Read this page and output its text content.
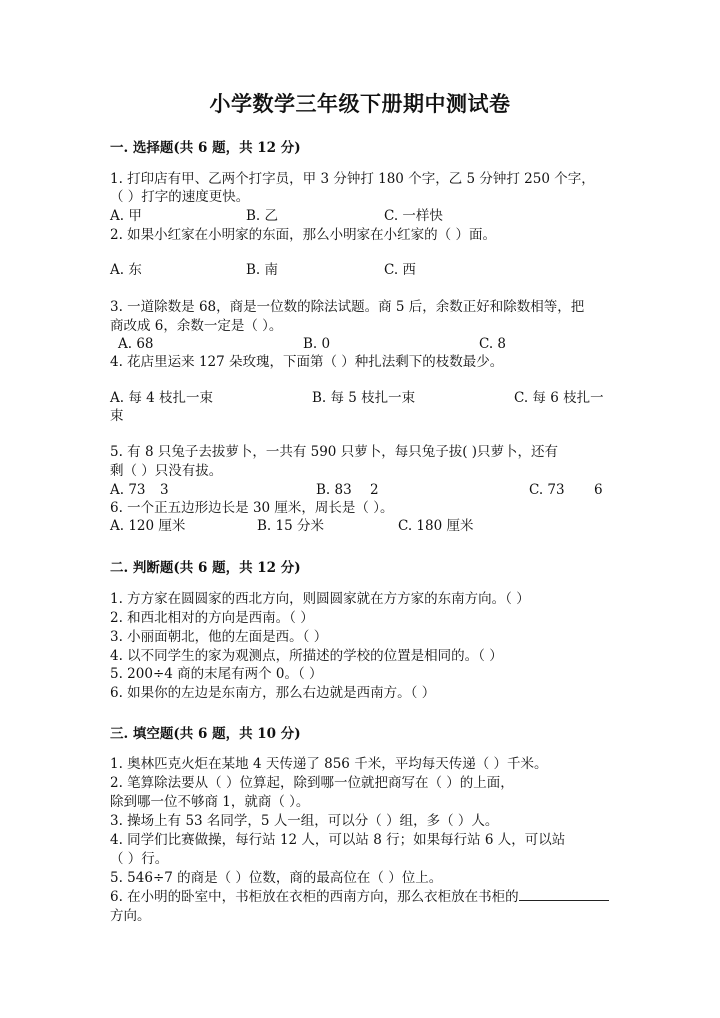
小学数学三年级下册期中测试卷
一. 选择题(共 6 题，共 12 分)
1. 打印店有甲、乙两个打字员，甲 3 分钟打 180 个字，乙 5 分钟打 250 个字，
（ ）打字的速度更快。
A. 甲	B. 乙	C. 一样快
2. 如果小红家在小明家的东面，那么小明家在小红家的（ ）面。
A. 东	B. 南	C. 西
3. 一道除数是 68，商是一位数的除法试题。商 5 后，余数正好和除数相等，把
商改成 6，余数一定是（ ）。
A. 68	B. 0	C. 8
4. 花店里运来 127 朵玫瑰，下面第（ ）种扎法剩下的枝数最少。
A. 每 4 枝扎一束	B. 每 5 枝扎一束	C. 每 6 枝扎一
束
5. 有 8 只兔子去拔萝卜，一共有 590 只萝卜，每只兔子拔( )只萝卜，还有
剩（ ）只没有拔。
A. 73 3	B. 83 2	C. 73 6
6. 一个正五边形边长是 30 厘米，周长是（ ）。
A. 120 厘米	B. 15 分米	C. 180 厘米
二. 判断题(共 6 题，共 12 分)
1. 方方家在圆圆家的西北方向，则圆圆家就在方方家的东南方向。（ ）
2. 和西北相对的方向是西南。（ ）
3. 小丽面朝北，他的左面是西。（ ）
4. 以不同学生的家为观测点，所描述的学校的位置是相同的。（ ）
5. 200÷4 商的末尾有两个 0。（ ）
6. 如果你的左边是东南方，那么右边就是西南方。（ ）
三. 填空题(共 6 题，共 10 分)
1. 奥林匹克火炬在某地 4 天传递了 856 千米，平均每天传递（ ）千米。
2. 笔算除法要从（ ）位算起，除到哪一位就把商写在（ ）的上面，
除到哪一位不够商 1，就商（ ）。
3. 操场上有 53 名同学，5 人一组，可以分（ ）组，多（ ）人。
4. 同学们比赛做操，每行站 12 人，可以站 8 行；如果每行站 6 人，可以站
（ ）行。
5. 546÷7 的商是（ ）位数，商的最高位在（ ）位上。
6. 在小明的卧室中，书柜放在衣柜的西南方向，那么衣柜放在书柜的
方向。
